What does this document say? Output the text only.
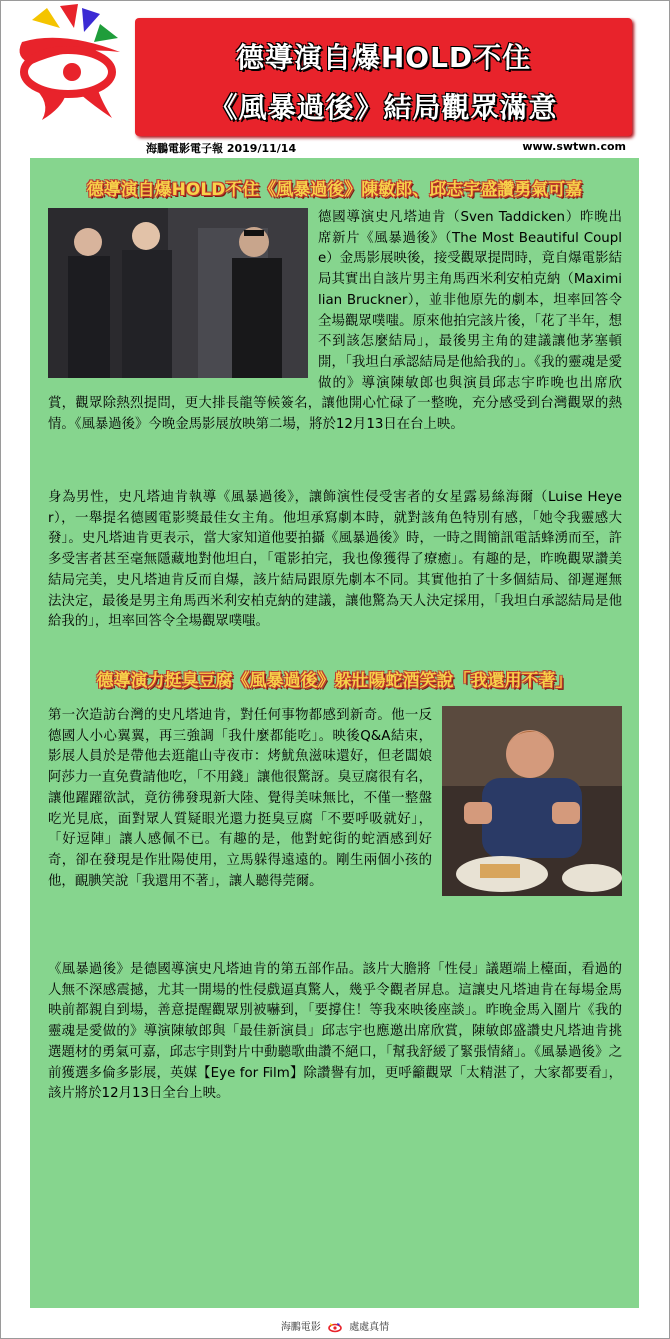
德導演自爆HOLD不住
《風暴過後》結局觀眾滿意
海鵬電影電子報 2019/11/14	www.swtwn.com
德導演自爆HOLD不住《風暴過後》陳敏郎、邱志宇盛讚勇氣可嘉
德國導演史凡塔迪肯（Sven Taddicken）昨晚出席新片《風暴過後》（The Most Beautiful Couple）金馬影展映後，接受觀眾提問時，竟自爆電影結局其實出自該片男主角馬西米利安柏克納（Maximilian Bruckner），並非他原先的劇本，坦率回答令全場觀眾噗嗤。原來他拍完該片後，「花了半年，想不到該怎麼結局」，最後男主角的建議讓他茅塞頓開，「我坦白承認結局是他給我的」。《我的靈魂是愛做的》導演陳敏郎也與演員邱志宇昨晚也出席欣賞，觀眾除熱烈提問，更大排長龍等候簽名，讓他開心忙碌了一整晚，充分感受到台灣觀眾的熱情。《風暴過後》今晚金馬影展放映第二場，將於12月13日在台上映。
身為男性，史凡塔迪肯執導《風暴過後》，讓飾演性侵受害者的女星露易絲海爾（Luise Heyer），一舉提名德國電影獎最佳女主角。他坦承寫劇本時，就對該角色特別有感，「她令我靈感大發」。史凡塔迪肯更表示，當大家知道他要拍攝《風暴過後》時，一時之間簡訊電話蜂湧而至，許多受害者甚至毫無隱藏地對他坦白，「電影拍完，我也像獲得了療癒」。有趣的是，昨晚觀眾讚美結局完美，史凡塔迪肯反而自爆，該片結局跟原先劇本不同。其實他拍了十多個結局、卻遲遲無法決定，最後是男主角馬西米利安柏克納的建議，讓他驚為天人決定採用，「我坦白承認結局是他給我的」，坦率回答令全場觀眾噗嗤。
德導演力挺臭豆腐《風暴過後》躲壯陽蛇酒笑說「我還用不著」
第一次造訪台灣的史凡塔迪肯，對任何事物都感到新奇。他一反德國人小心翼翼，再三強調「我什麼都能吃」。映後Q&A結束，影展人員於是帶他去逛龍山寺夜市：烤魷魚滋味還好，但老闆娘阿莎力一直免費請他吃，「不用錢」讓他很驚訝。臭豆腐很有名，讓他躍躍欲試，竟彷彿發現新大陸、覺得美味無比，不僅一整盤吃光見底，面對眾人質疑眼光還力挺臭豆腐「不要呼吸就好」，「好逗陣」讓人感佩不已。有趣的是，他對蛇街的蛇酒感到好奇，卻在發現是作壯陽使用，立馬躲得遠遠的。剛生兩個小孩的他，靦腆笑說「我還用不著」，讓人聽得莞爾。
《風暴過後》是德國導演史凡塔迪肯的第五部作品。該片大膽將「性侵」議題端上檯面，看過的人無不深感震撼，尤其一開場的性侵戲逼真驚人，幾乎令觀者屏息。這讓史凡塔迪肯在每場金馬映前都親自到場，善意提醒觀眾別被嚇到，「要撐住！等我來映後座談」。昨晚金馬入圍片《我的靈魂是愛做的》導演陳敏郎與「最佳新演員」邱志宇也應邀出席欣賞，陳敏郎盛讚史凡塔迪肯挑選題材的勇氣可嘉，邱志宇則對片中動聽歌曲讚不絕口，「幫我舒緩了緊張情緒」。《風暴過後》之前獲選多倫多影展，英媒【Eye for Film】除讚譽有加，更呼籲觀眾「太精湛了，大家都要看」，該片將於12月13日全台上映。
海鵬電影	處處真情
